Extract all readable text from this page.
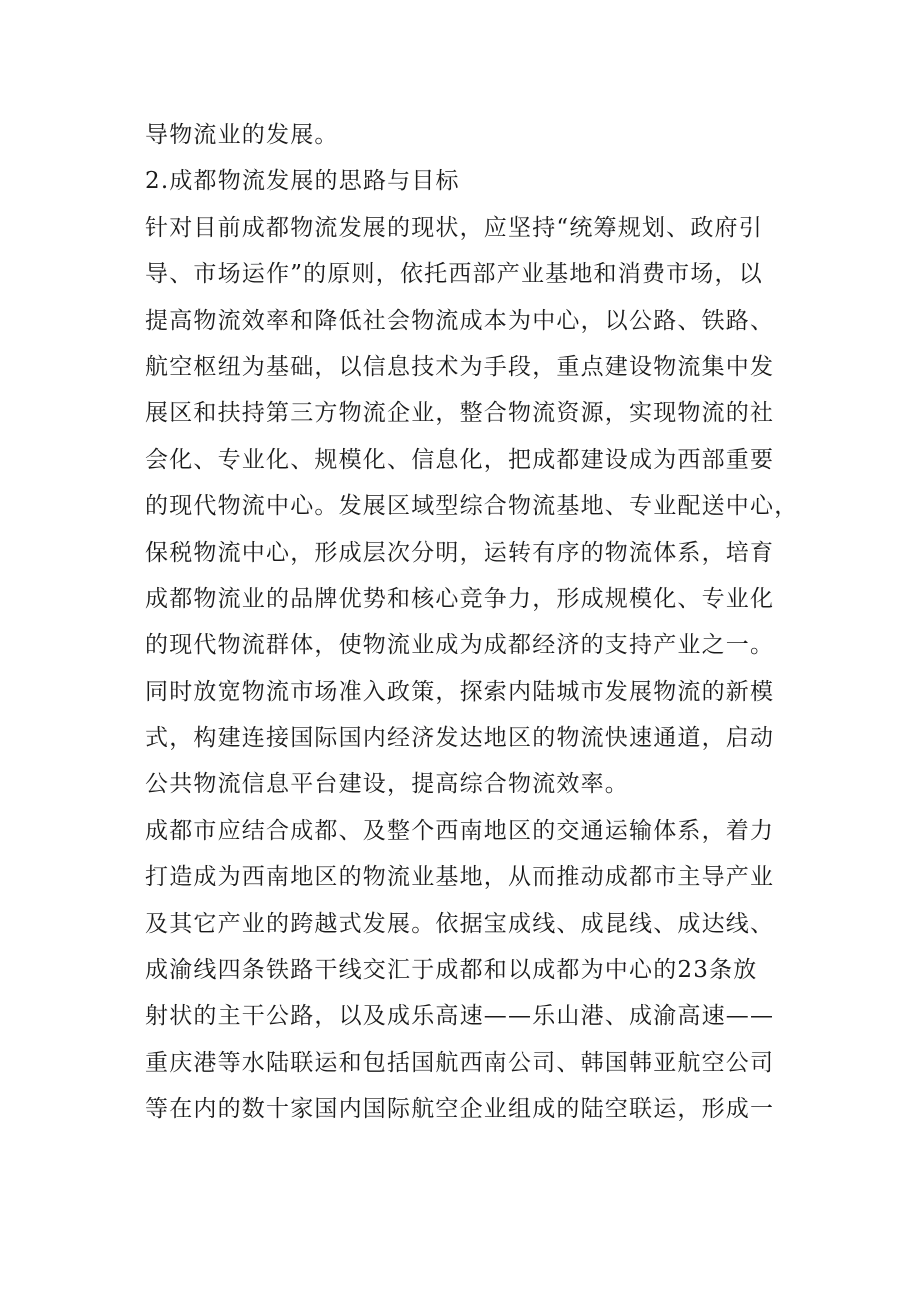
导物流业的发展。
2.成都物流发展的思路与目标
针对目前成都物流发展的现状，应坚持“统筹规划、政府引
导、市场运作”的原则，依托西部产业基地和消费市场，以
提高物流效率和降低社会物流成本为中心，以公路、铁路、
航空枢纽为基础，以信息技术为手段，重点建设物流集中发
展区和扶持第三方物流企业，整合物流资源，实现物流的社
会化、专业化、规模化、信息化，把成都建设成为西部重要
的现代物流中心。发展区域型综合物流基地、专业配送中心，
保税物流中心，形成层次分明，运转有序的物流体系，培育
成都物流业的品牌优势和核心竞争力，形成规模化、专业化
的现代物流群体，使物流业成为成都经济的支持产业之一。
同时放宽物流市场准入政策，探索内陆城市发展物流的新模
式，构建连接国际国内经济发达地区的物流快速通道，启动
公共物流信息平台建设，提高综合物流效率。
成都市应结合成都、及整个西南地区的交通运输体系，着力
打造成为西南地区的物流业基地，从而推动成都市主导产业
及其它产业的跨越式发展。依据宝成线、成昆线、成达线、
成渝线四条铁路干线交汇于成都和以成都为中心的23条放
射状的主干公路，以及成乐高速——乐山港、成渝高速——
重庆港等水陆联运和包括国航西南公司、韩国韩亚航空公司
等在内的数十家国内国际航空企业组成的陆空联运，形成一
